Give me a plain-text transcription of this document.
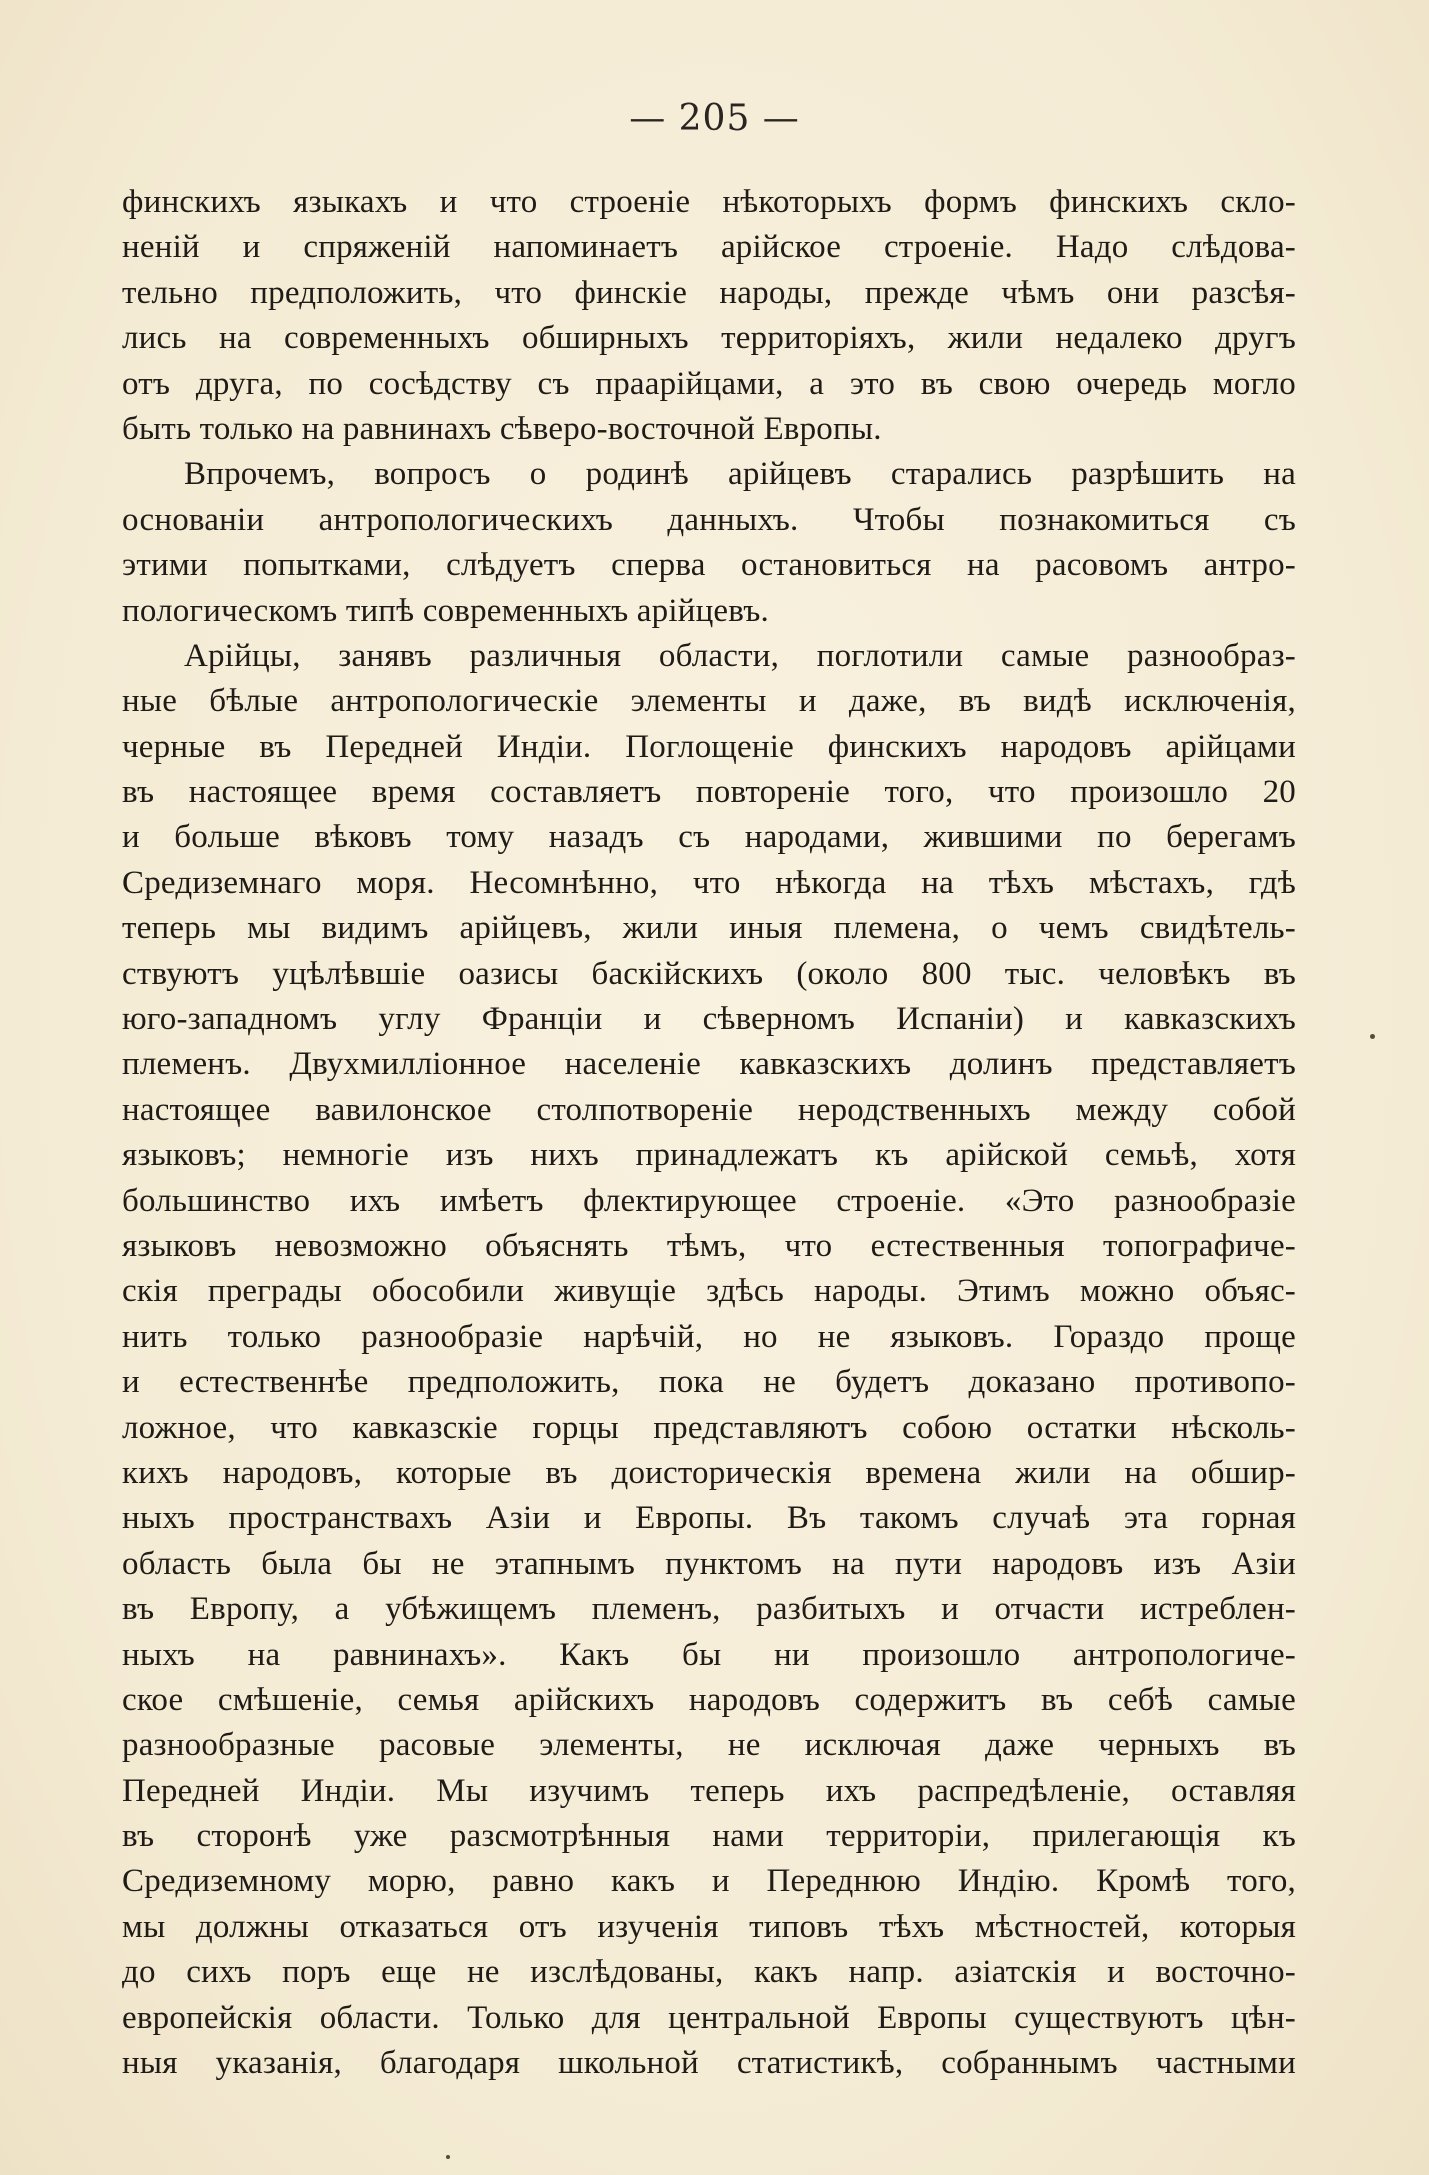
— 205 —
финскихъ языкахъ и что строеніе нѣкоторыхъ формъ финскихъ скло-
неній и спряженій напоминаетъ арійское строеніе. Надо слѣдова-
тельно предположить, что финскіе народы, прежде чѣмъ они разсѣя-
лись на современныхъ обширныхъ территоріяхъ, жили недалеко другъ
отъ друга, по сосѣдству съ праарійцами, а это въ свою очередь могло
быть только на равнинахъ сѣверо-восточной Европы.
Впрочемъ, вопросъ о родинѣ арійцевъ старались разрѣшить на
основаніи антропологическихъ данныхъ. Чтобы познакомиться съ
этими попытками, слѣдуетъ сперва остановиться на расовомъ антро-
пологическомъ типѣ современныхъ арійцевъ.
Арійцы, занявъ различныя области, поглотили самые разнообраз-
ные бѣлые антропологическіе элементы и даже, въ видѣ исключенія,
черные въ Передней Индіи. Поглощеніе финскихъ народовъ арійцами
въ настоящее время составляетъ повтореніе того, что произошло 20
и больше вѣковъ тому назадъ съ народами, жившими по берегамъ
Средиземнаго моря. Несомнѣнно, что нѣкогда на тѣхъ мѣстахъ, гдѣ
теперь мы видимъ арійцевъ, жили иныя племена, о чемъ свидѣтель-
ствуютъ уцѣлѣвшіе оазисы баскійскихъ (около 800 тыс. человѣкъ въ
юго-западномъ углу Франціи и сѣверномъ Испаніи) и кавказскихъ
племенъ. Двухмилліонное населеніе кавказскихъ долинъ представляетъ
настоящее вавилонское столпотвореніе неродственныхъ между собой
языковъ; немногіе изъ нихъ принадлежатъ къ арійской семьѣ, хотя
большинство ихъ имѣетъ флектирующее строеніе. «Это разнообразіе
языковъ невозможно объяснять тѣмъ, что естественныя топографиче-
скія преграды обособили живущіе здѣсь народы. Этимъ можно объяс-
нить только разнообразіе нарѣчій, но не языковъ. Гораздо проще
и естественнѣе предположить, пока не будетъ доказано противопо-
ложное, что кавказскіе горцы представляютъ собою остатки нѣсколь-
кихъ народовъ, которые въ доисторическія времена жили на обшир-
ныхъ пространствахъ Азіи и Европы. Въ такомъ случаѣ эта горная
область была бы не этапнымъ пунктомъ на пути народовъ изъ Азіи
въ Европу, а убѣжищемъ племенъ, разбитыхъ и отчасти истреблен-
ныхъ на равнинахъ». Какъ бы ни произошло антропологиче-
ское смѣшеніе, семья арійскихъ народовъ содержитъ въ себѣ самые
разнообразные расовые элементы, не исключая даже черныхъ въ
Передней Индіи. Мы изучимъ теперь ихъ распредѣленіе, оставляя
въ сторонѣ уже разсмотрѣнныя нами территоріи, прилегающія къ
Средиземному морю, равно какъ и Переднюю Индію. Кромѣ того,
мы должны отказаться отъ изученія типовъ тѣхъ мѣстностей, которыя
до сихъ поръ еще не изслѣдованы, какъ напр. азіатскія и восточно-
европейскія области. Только для центральной Европы существуютъ цѣн-
ныя указанія, благодаря школьной статистикѣ, собраннымъ частными
